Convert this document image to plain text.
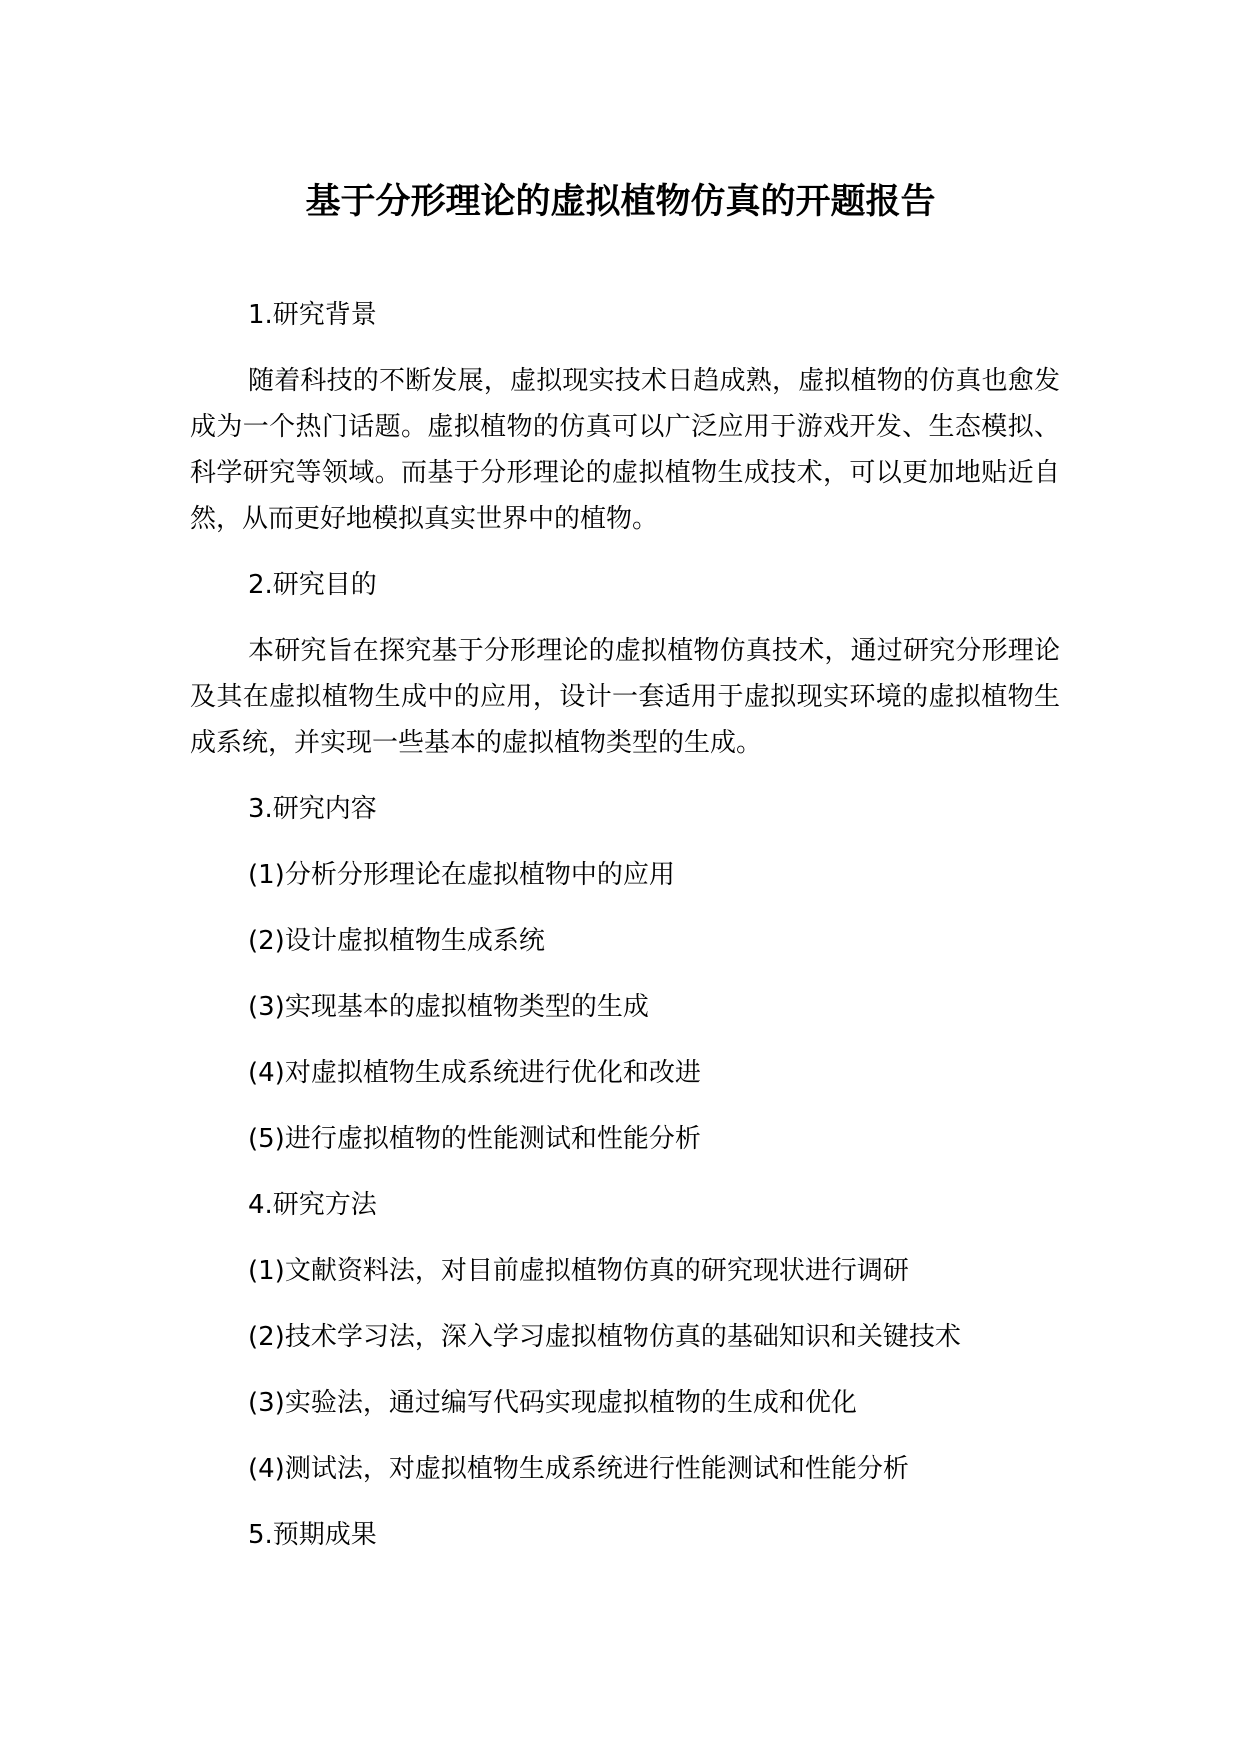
基于分形理论的虚拟植物仿真的开题报告

1.研究背景

随着科技的不断发展，虚拟现实技术日趋成熟，虚拟植物的仿真也愈发成为一个热门话题。虚拟植物的仿真可以广泛应用于游戏开发、生态模拟、科学研究等领域。而基于分形理论的虚拟植物生成技术，可以更加地贴近自然，从而更好地模拟真实世界中的植物。

2.研究目的

本研究旨在探究基于分形理论的虚拟植物仿真技术，通过研究分形理论及其在虚拟植物生成中的应用，设计一套适用于虚拟现实环境的虚拟植物生成系统，并实现一些基本的虚拟植物类型的生成。

3.研究内容

(1)分析分形理论在虚拟植物中的应用

(2)设计虚拟植物生成系统

(3)实现基本的虚拟植物类型的生成

(4)对虚拟植物生成系统进行优化和改进

(5)进行虚拟植物的性能测试和性能分析

4.研究方法

(1)文献资料法，对目前虚拟植物仿真的研究现状进行调研

(2)技术学习法，深入学习虚拟植物仿真的基础知识和关键技术

(3)实验法，通过编写代码实现虚拟植物的生成和优化

(4)测试法，对虚拟植物生成系统进行性能测试和性能分析

5.预期成果
